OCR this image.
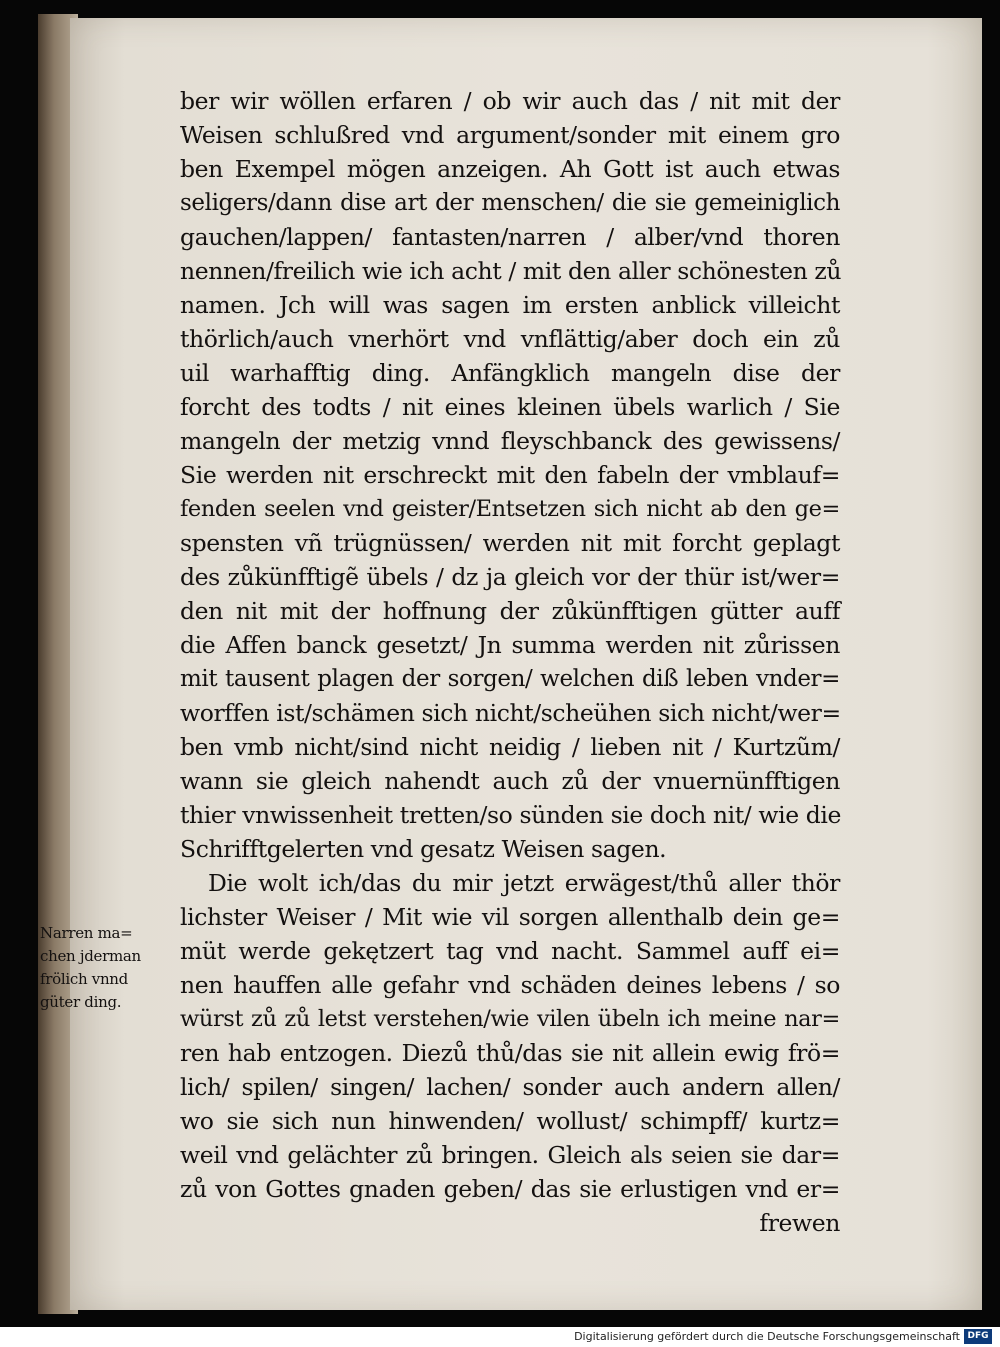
ber wir wöllen erfaren / ob wir auch das / nit mit der
Weisen schlußred vnd argument/sonder mit einem gro
ben Exempel mögen anzeigen. Ah Gott ist auch etwas
seligers/dann dise art der menschen/ die sie gemeiniglich
gauchen/lappen/ fantasten/narren / alber/vnd thoren
nennen/freilich wie ich acht / mit den aller schönesten zů
namen. Jch will was sagen im ersten anblick villeicht
thörlich/auch vnerhört vnd vnflättig/aber doch ein zů
uil warhafftig ding. Anfängklich mangeln dise der
forcht des todts / nit eines kleinen übels warlich / Sie
mangeln der metzig vnnd fleyschbanck des gewissens/
Sie werden nit erschreckt mit den fabeln der vmblauf=
fenden seelen vnd geister/Entsetzen sich nicht ab den ge=
spensten vñ trügnüssen/ werden nit mit forcht geplagt
des zůkünfftigẽ übels / dz ja gleich vor der thür ist/wer=
den nit mit der hoffnung der zůkünfftigen gütter auff
die Affen banck gesetzt/ Jn summa werden nit zůrissen
mit tausent plagen der sorgen/ welchen diß leben vnder=
worffen ist/schämen sich nicht/scheühen sich nicht/wer=
ben vmb nicht/sind nicht neidig / lieben nit / Kurtzũm/
wann sie gleich nahendt auch zů der vnuernünfftigen
thier vnwissenheit tretten/so sünden sie doch nit/ wie die
Schrifftgelerten vnd gesatz Weisen sagen.
Die wolt ich/das du mir jetzt erwägest/thů aller thör
lichster Weiser / Mit wie vil sorgen allenthalb dein ge=
müt werde gekętzert tag vnd nacht. Sammel auff ei=
nen hauffen alle gefahr vnd schäden deines lebens / so
würst zů zů letst verstehen/wie vilen übeln ich meine nar=
ren hab entzogen. Diezů thů/das sie nit allein ewig frö=
lich/ spilen/ singen/ lachen/ sonder auch andern allen/
wo sie sich nun hinwenden/ wollust/ schimpff/ kurtz=
weil vnd gelächter zů bringen. Gleich als seien sie dar=
zů von Gottes gnaden geben/ das sie erlustigen vnd er=
frewen
Narren ma=
chen jderman
frölich vnnd
güter ding.
Digitalisierung gefördert durch die Deutsche Forschungsgemeinschaft DFG
